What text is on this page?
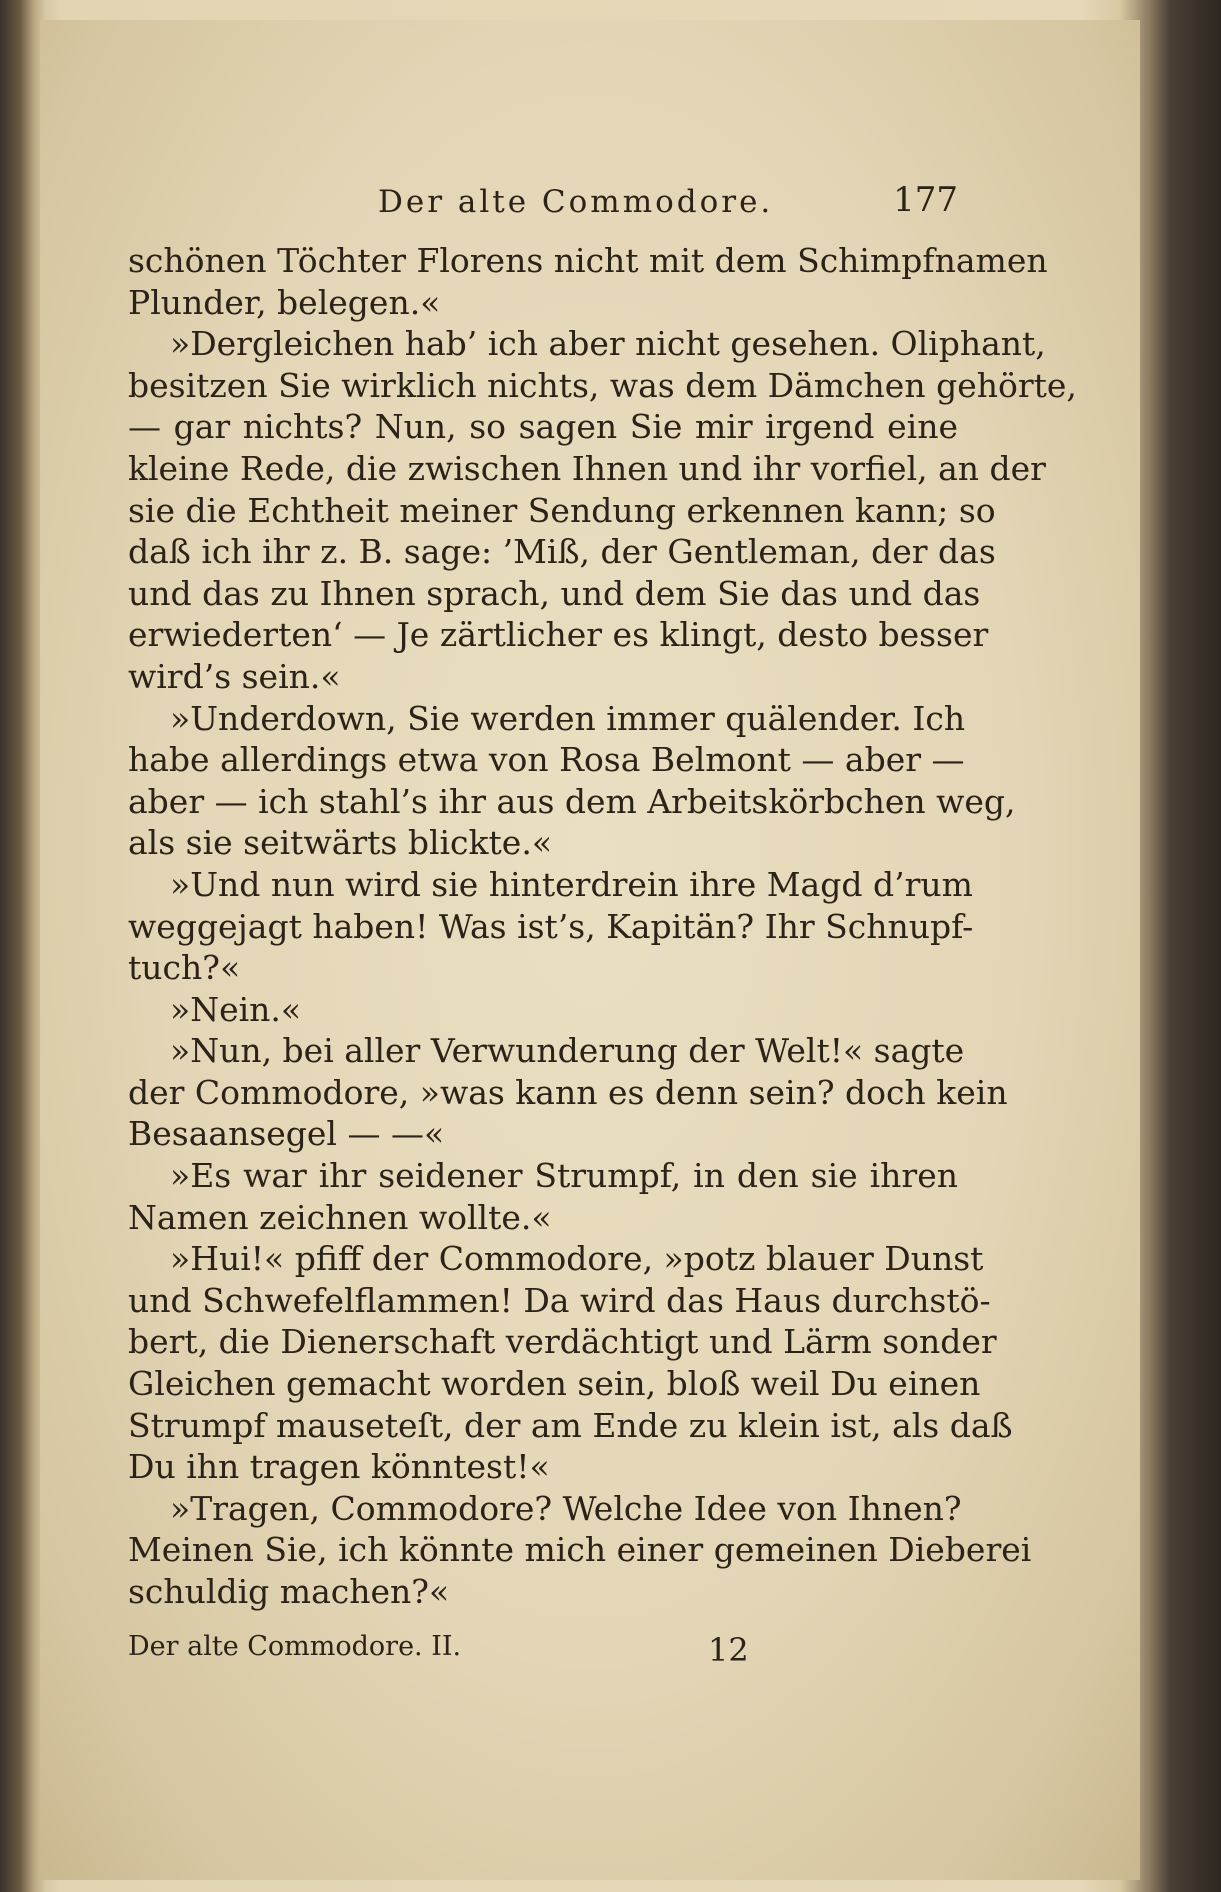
Der alte Commodore.	177
schönen Töchter Florens nicht mit dem Schimpfnamen
Plunder, belegen.«
»Dergleichen hab’ ich aber nicht gesehen. Oliphant,
besitzen Sie wirklich nichts, was dem Dämchen gehörte,
— gar nichts? Nun, so sagen Sie mir irgend eine
kleine Rede, die zwischen Ihnen und ihr vorfiel, an der
sie die Echtheit meiner Sendung erkennen kann; so
daß ich ihr z. B. sage: ’Miß, der Gentleman, der das
und das zu Ihnen sprach, und dem Sie das und das
erwiederten‘ — Je zärtlicher es klingt, desto besser
wird’s sein.«
»Underdown, Sie werden immer quälender. Ich
habe allerdings etwa von Rosa Belmont — aber —
aber — ich stahl’s ihr aus dem Arbeitskörbchen weg,
als sie seitwärts blickte.«
»Und nun wird sie hinterdrein ihre Magd d’rum
weggejagt haben! Was ist’s, Kapitän? Ihr Schnupf-
tuch?«
»Nein.«
»Nun, bei aller Verwunderung der Welt!« sagte
der Commodore, »was kann es denn sein? doch kein
Besaansegel — —«
»Es war ihr seidener Strumpf, in den sie ihren
Namen zeichnen wollte.«
»Hui!« pfiff der Commodore, »potz blauer Dunst
und Schwefelflammen! Da wird das Haus durchstö-
bert, die Dienerschaft verdächtigt und Lärm sonder
Gleichen gemacht worden sein, bloß weil Du einen
Strumpf mauseteſt, der am Ende zu klein ist, als daß
Du ihn tragen könntest!«
»Tragen, Commodore? Welche Idee von Ihnen?
Meinen Sie, ich könnte mich einer gemeinen Dieberei
schuldig machen?«
Der alte Commodore. II.	12
